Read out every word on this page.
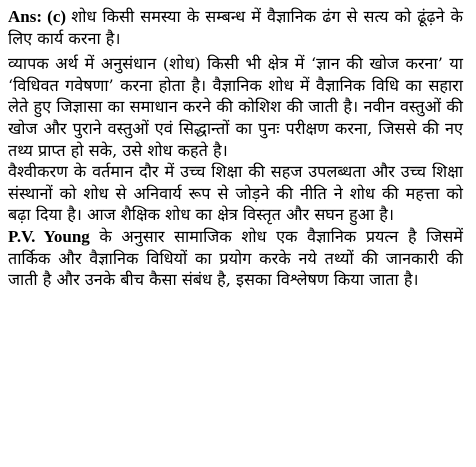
Ans: (c) शोध किसी समस्या के सम्बन्ध में वैज्ञानिक ढंग से सत्य को ढूंढ़ने के लिए कार्य करना है।

व्यापक अर्थ में अनुसंधान (शोध) किसी भी क्षेत्र में ‘ज्ञान की खोज करना’ या ‘विधिवत गवेषणा’ करना होता है। वैज्ञानिक शोध में वैज्ञानिक विधि का सहारा लेते हुए जिज्ञासा का समाधान करने की कोशिश की जाती है। नवीन वस्तुओं की खोज और पुराने वस्तुओं एवं सिद्धान्तों का पुनः परीक्षण करना, जिससे की नए तथ्य प्राप्त हो सके, उसे शोध कहते है।

वैश्वीकरण के वर्तमान दौर में उच्च शिक्षा की सहज उपलब्धता और उच्च शिक्षा संस्थानों को शोध से अनिवार्य रूप से जोड़ने की नीति ने शोध की महत्ता को बढ़ा दिया है। आज शैक्षिक शोध का क्षेत्र विस्तृत और सघन हुआ है।

P.V. Young के अनुसार सामाजिक शोध एक वैज्ञानिक प्रयत्न है जिसमें तार्किक और वैज्ञानिक विधियों का प्रयोग करके नये तथ्यों की जानकारी की जाती है और उनके बीच कैसा संबंध है, इसका विश्लेषण किया जाता है।
